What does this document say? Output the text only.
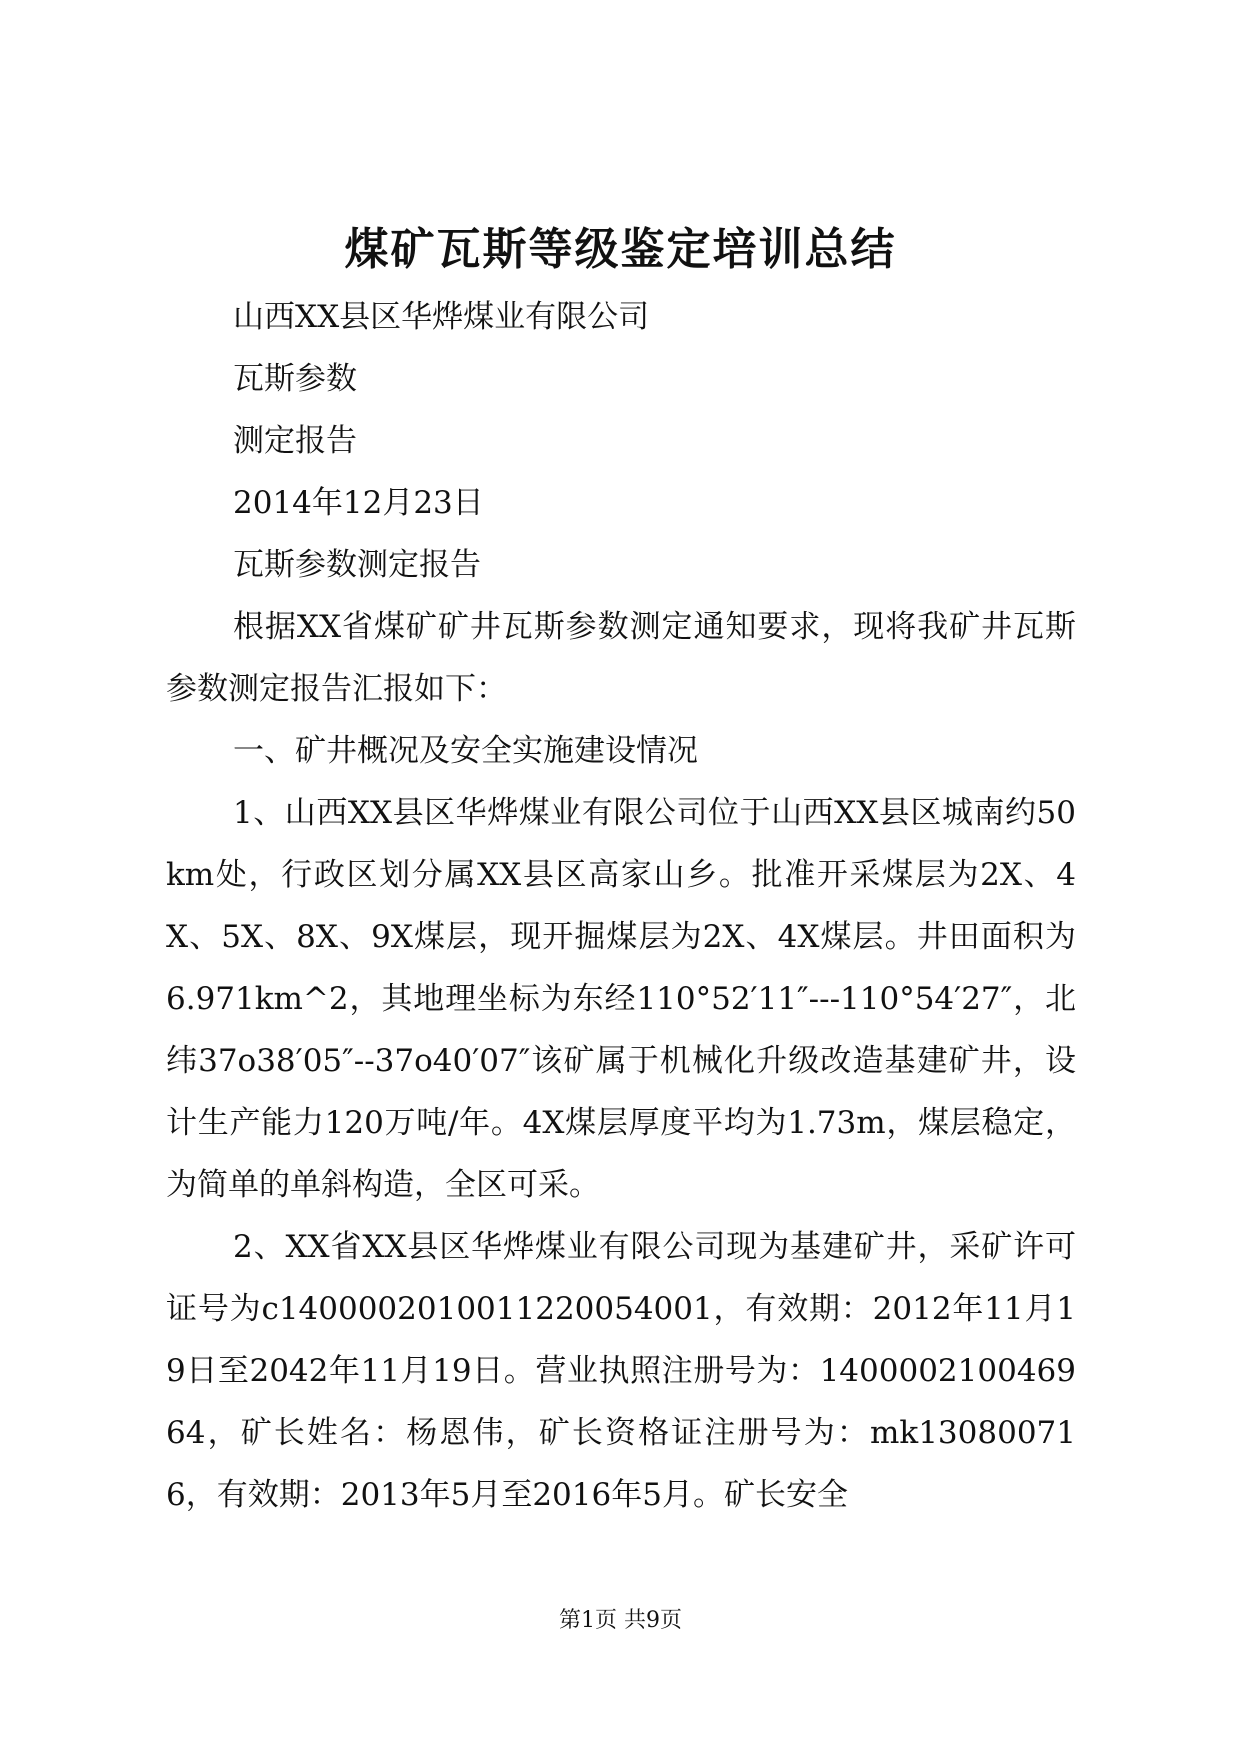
煤矿瓦斯等级鉴定培训总结
山西XX县区华烨煤业有限公司
瓦斯参数
测定报告
2014年12月23日
瓦斯参数测定报告
根据XX省煤矿矿井瓦斯参数测定通知要求，现将我矿井瓦斯参数测定报告汇报如下：
一、矿井概况及安全实施建设情况
1、山西XX县区华烨煤业有限公司位于山西XX县区城南约50km处，行政区划分属XX县区高家山乡。批准开采煤层为2X、4X、5X、8X、9X煤层，现开掘煤层为2X、4X煤层。井田面积为6.971km^2，其地理坐标为东经110°52′11″---110°54′27″，北纬37o38′05″--37o40′07″该矿属于机械化升级改造基建矿井，设计生产能力120万吨/年。4X煤层厚度平均为1.73m，煤层稳定，为简单的单斜构造，全区可采。
2、XX省XX县区华烨煤业有限公司现为基建矿井，采矿许可证号为c1400002010011220054001，有效期：2012年11月19日至2042年11月19日。营业执照注册号为：140000210046964，矿长姓名：杨恩伟，矿长资格证注册号为：mk130800716，有效期：2013年5月至2016年5月。矿长安全
第1页 共9页
